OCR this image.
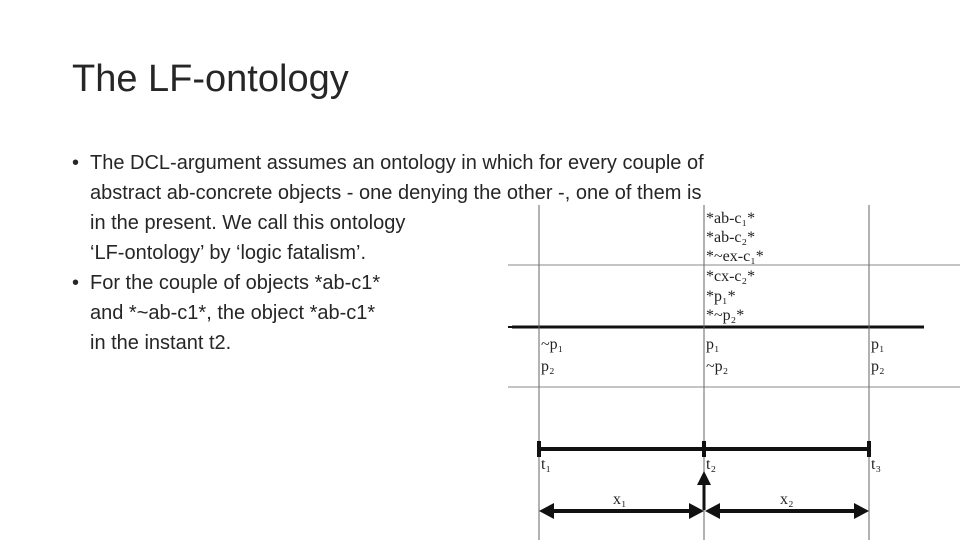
The LF-ontology
• The DCL-argument assumes an ontology in which for every couple of
abstract ab-concrete objects - one denying the other -, one of them is
in the present. We call this ontology
‘LF-ontology’ by ‘logic fatalism’.
• For the couple of objects *ab-c1*
and *~ab-c1*, the object *ab-c1*
in the instant t2.
*ab-c₁*
*ab-c₂*
*~ex-c₁*
*cx-c₂*
*p₁*
*~p₂*
~p₁
p₂
p₁
~p₂
p₁
p₂
t₁	t₂	t₃
x₁	x₂
